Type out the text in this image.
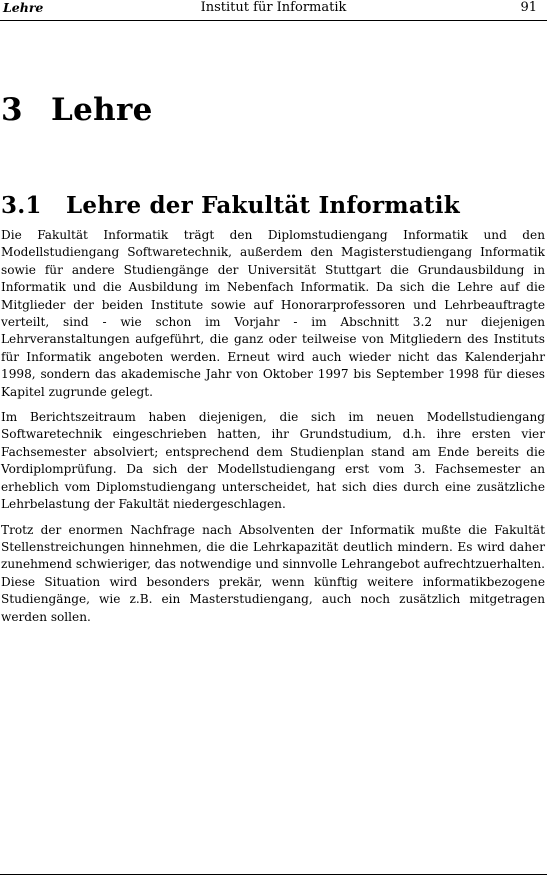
Lehre	Institut für Informatik	91
3 Lehre
3.1 Lehre der Fakultät Informatik

Die Fakultät Informatik trägt den Diplomstudiengang Informatik und den Modellstudiengang Softwaretechnik, außerdem den Magisterstudiengang Informatik sowie für andere Studiengänge der Universität Stuttgart die Grundausbildung in Informatik und die Ausbildung im Nebenfach Informatik. Da sich die Lehre auf die Mitglieder der beiden Institute sowie auf Honorarprofessoren und Lehrbeauftragte verteilt, sind - wie schon im Vorjahr - im Abschnitt 3.2 nur diejenigen Lehrveranstaltungen aufgeführt, die ganz oder teilweise von Mitgliedern des Instituts für Informatik angeboten werden. Erneut wird auch wieder nicht das Kalenderjahr 1998, sondern das akademische Jahr von Oktober 1997 bis September 1998 für dieses Kapitel zugrunde gelegt.

Im Berichtszeitraum haben diejenigen, die sich im neuen Modellstudiengang Softwaretechnik eingeschrieben hatten, ihr Grundstudium, d.h. ihre ersten vier Fachsemester absolviert; entsprechend dem Studienplan stand am Ende bereits die Vordiplomprüfung. Da sich der Modellstudiengang erst vom 3. Fachsemester an erheblich vom Diplomstudiengang unterscheidet, hat sich dies durch eine zusätzliche Lehrbelastung der Fakultät niedergeschlagen.

Trotz der enormen Nachfrage nach Absolventen der Informatik mußte die Fakultät Stellenstreichungen hinnehmen, die die Lehrkapazität deutlich mindern. Es wird daher zunehmend schwieriger, das notwendige und sinnvolle Lehrangebot aufrechtzuerhalten. Diese Situation wird besonders prekär, wenn künftig weitere informatikbezogene Studiengänge, wie z.B. ein Masterstudiengang, auch noch zusätzlich mitgetragen werden sollen.
